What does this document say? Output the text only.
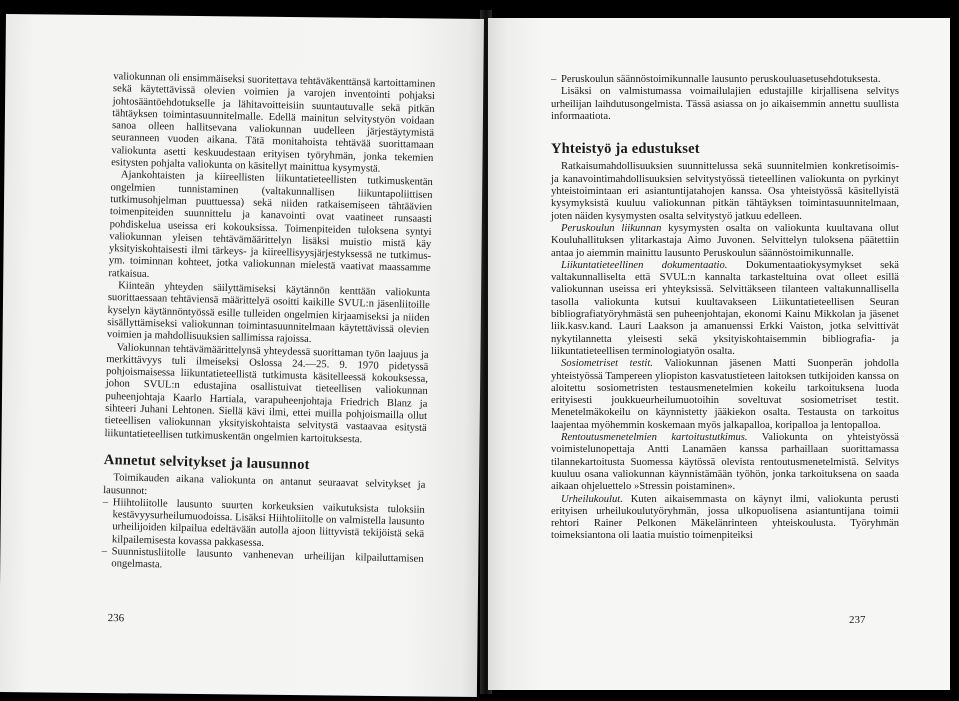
valiokunnan oli ensimmäiseksi suoritettava tehtäväkenttänsä kartoittaminen sekä käytettävissä olevien voimien ja varojen inventointi pohjaksi johtosääntöehdotukselle ja lähitavoitteisiin suuntautuvalle sekä pitkän tähtäyksen toimintasuunnitelmalle. Edellä mainitun selvitystyön voidaan sanoa olleen hallitsevana valiokunnan uudelleen järjestäytymistä seuranneen vuoden aikana. Tätä monitahoista tehtävää suorittamaan valiokunta asetti keskuudestaan erityisen työryhmän, jonka tekemien esitysten pohjalta valiokunta on käsitellyt mainittua kysymystä.

Ajankohtaisten ja kiireellisten liikuntatieteellisten tutkimuskentän ongelmien tunnistaminen (valtakunnallisen liikuntapoliittisen tutkimusohjelman puuttuessa) sekä niiden ratkaisemiseen tähtäävien toimenpiteiden suunnittelu ja kanavointi ovat vaatineet runsaasti pohdiskelua useissa eri kokouksissa. Toimenpiteiden tuloksena syntyi valiokunnan yleisen tehtävämäärittelyn lisäksi muistio mistä käy yksityiskohtaisesti ilmi tärkeys- ja kiireellisyysjärjestyksessä ne tutkimus- ym. toiminnan kohteet, jotka valiokunnan mielestä vaativat maassamme ratkaisua.

Kiinteän yhteyden säilyttämiseksi käytännön kenttään valiokunta suorittaessaan tehtäviensä määrittelyä osoitti kaikille SVUL:n jäsenliitoille kyselyn käytännöntyössä esille tulleiden ongelmien kirjaamiseksi ja niiden sisällyttämiseksi valiokunnan toimintasuunnitelmaan käytettävissä olevien voimien ja mahdollisuuksien sallimissa rajoissa.

Valiokunnan tehtävämäärittelynsä yhteydessä suorittaman työn laajuus ja merkittävyys tuli ilmeiseksi Oslossa 24.—25. 9. 1970 pidetyssä pohjoismaisessa liikuntatieteellistä tutkimusta käsitelleessä kokouksessa, johon SVUL:n edustajina osallistuivat tieteellisen valiokunnan puheenjohtaja Kaarlo Hartiala, varapuheenjohtaja Friedrich Blanz ja sihteeri Juhani Lehtonen. Siellä kävi ilmi, ettei muilla pohjoismailla ollut tieteellisen valiokunnan yksityiskohtaista selvitystä vastaavaa esitystä liikuntatieteellisen tutkimuskentän ongelmien kartoituksesta.

Annetut selvitykset ja lausunnot

Toimikauden aikana valiokunta on antanut seuraavat selvitykset ja lausunnot:

– Hiihtoliitolle lausunto suurten korkeuksien vaikutuksista tuloksiin kestävyysurheilumuodoissa. Lisäksi Hiihtoliitolle on valmistella lausunto urheilijoiden kilpailua edeltävään autolla ajoon liittyvistä tekijöistä sekä kilpailemisesta kovassa pakkasessa.

– Suunnistusliitolle lausunto vanhenevan urheilijan kilpailuttamisen ongelmasta.

236

– Peruskoulun säännöstoimikunnalle lausunto peruskouluasetusehdotuksesta.

Lisäksi on valmistumassa voimailulajien edustajille kirjallisena selvitys urheilijan laihdutusongelmista. Tässä asiassa on jo aikaisemmin annettu suullista informaatiota.

Yhteistyö ja edustukset

Ratkaisumahdollisuuksien suunnittelussa sekä suunnitelmien konkretisoimis- ja kanavointimahdollisuuksien selvitystyössä tieteellinen valiokunta on pyrkinyt yhteistoimintaan eri asiantuntijatahojen kanssa. Osa yhteistyössä käsitellyistä kysymyksistä kuuluu valiokunnan pitkän tähtäyksen toimintasuunnitelmaan, joten näiden kysymysten osalta selvitystyö jatkuu edelleen.

Peruskoulun liikunnan kysymysten osalta on valiokunta kuultavana ollut Kouluhallituksen ylitarkastaja Aimo Juvonen. Selvittelyn tuloksena päätettiin antaa jo aiemmin mainittu lausunto Peruskoulun säännöstoimikunnalle.

Liikuntatieteellinen dokumentaatio. Dokumentaatiokysymykset sekä valtakunnalliselta että SVUL:n kannalta tarkasteltuina ovat olleet esillä valiokunnan useissa eri yhteyksissä. Selvittäkseen tilanteen valtakunnallisella tasolla valiokunta kutsui kuultavakseen Liikuntatieteellisen Seuran bibliografiatyöryhmästä sen puheenjohtajan, ekonomi Kainu Mikkolan ja jäsenet liik.kasv.kand. Lauri Laakson ja amanuenssi Erkki Vaiston, jotka selvittivät nykytilannetta yleisesti sekä yksityiskohtaisemmin bibliografia- ja liikuntatieteellisen terminologiatyön osalta.

Sosiometriset testit. Valiokunnan jäsenen Matti Suonperän johdolla yhteistyössä Tampereen yliopiston kasvatustieteen laitoksen tutkijoiden kanssa on aloitettu sosiometristen testausmenetelmien kokeilu tarkoituksena luoda erityisesti joukkueurheilumuotoihin soveltuvat sosiometriset testit. Menetelmäkokeilu on käynnistetty jääkiekon osalta. Testausta on tarkoitus laajentaa myöhemmin koskemaan myös jalkapalloa, koripalloa ja lentopalloa.

Rentoutusmenetelmien kartoitustutkimus. Valiokunta on yhteistyössä voimistelunopettaja Antti Lanamäen kanssa parhaillaan suorittamassa tilannekartoitusta Suomessa käytössä olevista rentoutusmenetelmistä. Selvitys kuuluu osana valiokunnan käynnistämään työhön, jonka tarkoituksena on saada aikaan ohjeluettelo »Stressin poistaminen».

Urheilukoulut. Kuten aikaisemmasta on käynyt ilmi, valiokunta perusti erityisen urheilukoulutyöryhmän, jossa ulkopuolisena asiantuntijana toimii rehtori Rainer Pelkonen Mäkelänrinteen yhteiskoulusta. Työryhmän toimeksiantona oli laatia muistio toimenpiteiksi

237
